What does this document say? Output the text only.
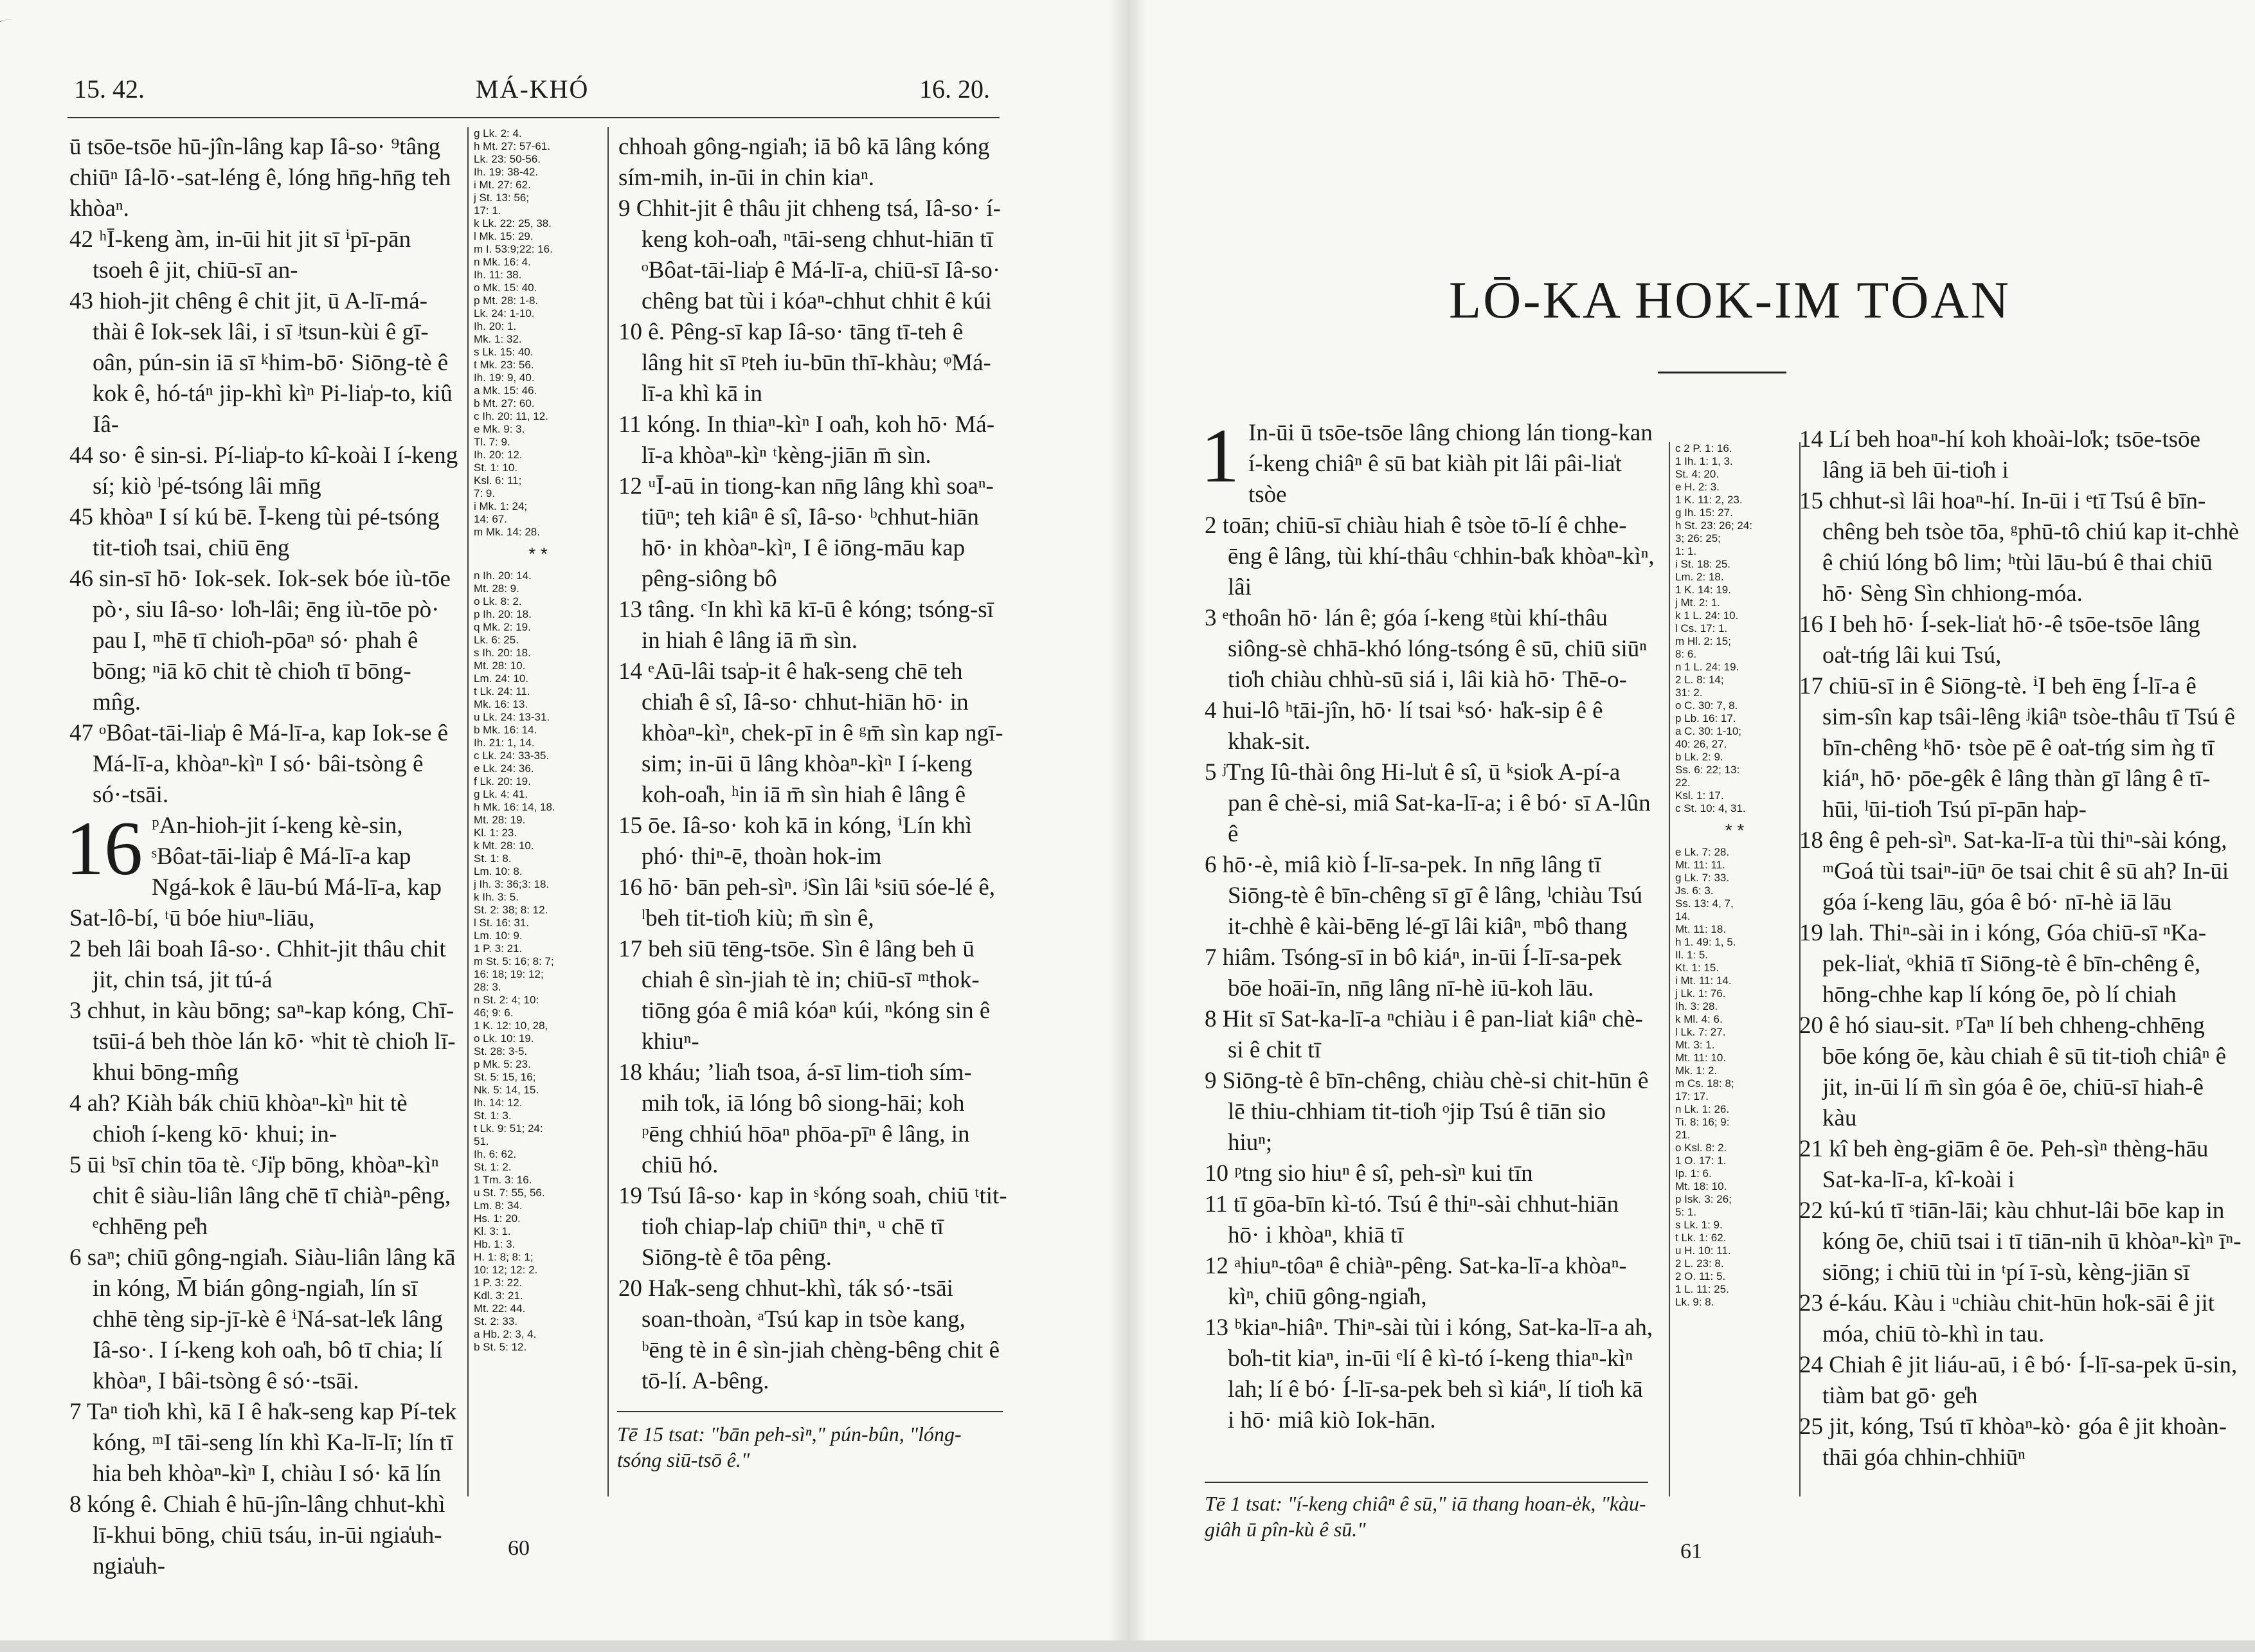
15. 42.	MÁ-KHÓ	16. 20.

ū tsōe-tsōe hū-jîn-lâng kap Iâ-so· ⁹tâng chiūⁿ Iâ-lō·-sat-léng ê, lóng hn̄g-hn̄g teh khòaⁿ.

42 ʰĪ-keng àm, in-ūi hit jit sī ⁱpī-pān tsoeh ê jit, chiū-sī an-

43 hioh-jit chêng ê chit jit, ū A-lī-má-thài ê Iok-sek lâi, i sī ʲtsun-kùi ê gī-oân, pún-sin iā sī ᵏhim-bō· Siōng-tè ê kok ê, hó-táⁿ jip-khì kìⁿ Pi-lia̍p-to, kiû Iâ-

44 so· ê sin-si. Pí-lia̍p-to kî-koài I í-keng sí; kiò ˡpé-tsóng lâi mn̄g

45 khòaⁿ I sí kú bē. Ī-keng tùi pé-tsóng tit-tio̍h tsai, chiū ēng

46 sin-sī hō· Iok-sek. Iok-sek bóe iù-tōe pò·, siu Iâ-so· lo̍h-lâi; ēng iù-tōe pò· pau I, ᵐhē tī chio̍h-pōaⁿ só· phah ê bōng; ⁿiā kō chit tè chio̍h tī bōng-mn̂g.

47 ᵒBôat-tāi-lia̍p ê Má-lī-a, kap Iok-se ê Má-lī-a, khòaⁿ-kìⁿ I só· bâi-tsòng ê só·-tsāi.

16 ᵖAn-hioh-jit í-keng kè-sin, ˢBôat-tāi-lia̍p ê Má-lī-a kap Ngá-kok ê lāu-bú Má-lī-a, kap Sat-lô-bí, ᵗū bóe hiuⁿ-liāu,

2 beh lâi boah Iâ-so·. Chhit-jit thâu chit jit, chin tsá, jit tú-á

3 chhut, in kàu bōng; saⁿ-kap kóng, Chī-tsūi-á beh thòe lán kō· ʷhit tè chio̍h lī-khui bōng-mn̂g

4 ah? Kiàh bák chiū khòaⁿ-kìⁿ hit tè chio̍h í-keng kō· khui; in-

5 ūi ᵇsī chin tōa tè. ᶜJi̍p bōng, khòaⁿ-kìⁿ chit ê siàu-liân lâng chē tī chiàⁿ-pêng, ᵉchhēng pe̍h

6 saⁿ; chiū gông-ngia̍h. Siàu-liân lâng kā in kóng, M̄ bián gông-ngia̍h, lín sī chhē tèng sip-jī-kè ê ⁱNá-sat-le̍k lâng Iâ-so·. I í-keng koh oa̍h, bô tī chia; lí khòaⁿ, I bâi-tsòng ê só·-tsāi.

7 Taⁿ tio̍h khì, kā I ê ha̍k-seng kap Pí-tek kóng, ᵐI tāi-seng lín khì Ka-lī-lī; lín tī hia beh khòaⁿ-kìⁿ I, chiàu I só· kā lín

8 kóng ê. Chiah ê hū-jîn-lâng chhut-khì lī-khui bōng, chiū tsáu, in-ūi ngia̍uh-ngia̍uh-

g Lk. 2: 4.
h Mt. 27: 57-61.
Lk. 23: 50-56.
Ih. 19: 38-42.
i Mt. 27: 62.
j St. 13: 56;
17: 1.
k Lk. 22: 25, 38.
l Mk. 15: 29.
m I. 53:9;22: 16.
n Mk. 16: 4.
Ih. 11: 38.
o Mk. 15: 40.
p Mt. 28: 1-8.
Lk. 24: 1-10.
Ih. 20: 1.
Mk. 1: 32.
s Lk. 15: 40.
t Mk. 23: 56.
Ih. 19: 9, 40.
a Mk. 15: 46.
b Mt. 27: 60.
c Ih. 20: 11, 12.
e Mk. 9: 3.
Tl. 7: 9.
Ih. 20: 12.
St. 1: 10.
Ksl. 6: 11;
7: 9.
i Mk. 1: 24;
14: 67.
m Mk. 14: 28.
* *
n Ih. 20: 14.
Mt. 28: 9.
o Lk. 8: 2.
p Ih. 20: 18.
q Mk. 2: 19.
Lk. 6: 25.
s Ih. 20: 18.
Mt. 28: 10.
Lm. 24: 10.
t Lk. 24: 11.
Mk. 16: 13.
u Lk. 24: 13-31.
b Mk. 16: 14.
Ih. 21: 1, 14.
c Lk. 24: 33-35.
e Lk. 24: 36.
f Lk. 20: 19.
g Lk. 4: 41.
h Mk. 16: 14, 18.
Mt. 28: 19.
Kl. 1: 23.
k Mt. 28: 10.
St. 1: 8.
Lm. 10: 8.
j Ih. 3: 36;3: 18.
k Ih. 3: 5.
St. 2: 38; 8: 12.
l St. 16: 31.
Lm. 10: 9.
1 P. 3: 21.
m St. 5: 16; 8: 7;
16: 18; 19: 12;
28: 3.
n St. 2: 4; 10:
46; 9: 6.
1 K. 12: 10, 28,
o Lk. 10: 19.
St. 28: 3-5.
p Mk. 5: 23.
St. 5: 15, 16;
Nk. 5: 14, 15.
Ih. 14: 12.
St. 1: 3.
t Lk. 9: 51; 24:
51.
Ih. 6: 62.
St. 1: 2.
1 Tm. 3: 16.
u St. 7: 55, 56.
Lm. 8: 34.
Hs. 1: 20.
Kl. 3: 1.
Hb. 1: 3.
H. 1: 8; 8: 1;
10: 12; 12: 2.
1 P. 3: 22.
Kdl. 3: 21.
Mt. 22: 44.
St. 2: 33.
a Hb. 2: 3, 4.
b St. 5: 12.

chhoah gông-ngia̍h; iā bô kā lâng kóng sím-mih, in-ūi in chin kiaⁿ.

9 Chhit-jit ê thâu jit chheng tsá, Iâ-so· í-keng koh-oa̍h, ⁿtāi-seng chhut-hiān tī ᵒBôat-tāi-lia̍p ê Má-lī-a, chiū-sī Iâ-so· chêng bat tùi i kóaⁿ-chhut chhit ê kúi

10 ê. Pêng-sī kap Iâ-so· tāng tī-teh ê lâng hit sī ᵖteh iu-būn thī-khàu; ᵠMá-lī-a khì kā in

11 kóng. In thiaⁿ-kìⁿ I oa̍h, koh hō· Má-lī-a khòaⁿ-kìⁿ ᵗkèng-jiān m̄ sìn.

12 ᵘĪ-aū in tiong-kan nn̄g lâng khì soaⁿ-tiūⁿ; teh kiâⁿ ê sî, Iâ-so· ᵇchhut-hiān hō· in khòaⁿ-kìⁿ, I ê iōng-māu kap pêng-siông bô

13 tâng. ᶜIn khì kā kī-ū ê kóng; tsóng-sī in hiah ê lâng iā m̄ sìn.

14 ᵉAū-lâi tsa̍p-it ê ha̍k-seng chē teh chia̍h ê sî, Iâ-so· chhut-hiān hō· in khòaⁿ-kìⁿ, chek-pī in ê ᵍm̄ sìn kap ngī-sim; in-ūi ū lâng khòaⁿ-kìⁿ I í-keng koh-oa̍h, ʰin iā m̄ sìn hiah ê lâng ê

15 ōe. Iâ-so· koh kā in kóng, ⁱLín khì phó· thiⁿ-ē, thoàn hok-im

16 hō· bān peh-sìⁿ. ʲSìn lâi ᵏsiū sóe-lé ê, ˡbeh tit-tio̍h kiù; m̄ sìn ê,

17 beh siū tēng-tsōe. Sìn ê lâng beh ū chiah ê sìn-jiah tè in; chiū-sī ᵐthok-tiōng góa ê miâ kóaⁿ kúi, ⁿkóng sin ê khiuⁿ-

18 kháu; ʼlia̍h tsoa, á-sī lim-tio̍h sím-mih to̍k, iā lóng bô siong-hāi; koh ᵖēng chhiú hōaⁿ phōa-pīⁿ ê lâng, in chiū hó.

19 Tsú Iâ-so· kap in ˢkóng soah, chiū ᵗtit-tio̍h chiap-la̍p chiūⁿ thiⁿ, ᵘ chē tī Siōng-tè ê tōa pêng.

20 Ha̍k-seng chhut-khì, ták só·-tsāi soan-thoàn, ᵃTsú kap in tsòe kang, ᵇēng tè in ê sìn-jiah chèng-bêng chit ê tō-lí. A-bêng.

Tē 15 tsat: "bān peh-sìⁿ," pún-bûn, "lóng-tsóng siū-tsō ê."
60
LŌ-KA HOK-IM TŌAN
1 In-ūi ū tsōe-tsōe lâng chiong lán tiong-kan í-keng chiâⁿ ê sū bat kiàh pit lâi pâi-lia̍t tsòe

2 toān; chiū-sī chiàu hiah ê tsòe tō-lí ê chhe-ēng ê lâng, tùi khí-thâu ᶜchhin-ba̍k khòaⁿ-kìⁿ, lâi

3 ᵉthoân hō· lán ê; góa í-keng ᵍtùi khí-thâu siông-sè chhā-khó lóng-tsóng ê sū, chiū siūⁿ tio̍h chiàu chhù-sū siá i, lâi kià hō· Thē-o-

4 hui-lô ʰtāi-jîn, hō· lí tsai ᵏsó· ha̍k-sip ê ê khak-sit.

5 ʲTng Iû-thài ông Hi-lu̍t ê sî, ū ᵏsio̍k A-pí-a pan ê chè-si, miâ Sat-ka-lī-a; i ê bó· sī A-lûn ê

6 hō·-è, miâ kiò Í-lī-sa-pek. In nn̄g lâng tī Siōng-tè ê bīn-chêng sī gī ê lâng, ˡchiàu Tsú it-chhè ê kài-bēng lé-gī lâi kiâⁿ, ᵐbô thang

7 hiâm. Tsóng-sī in bô kiáⁿ, in-ūi Í-lī-sa-pek bōe hoāi-īn, nn̄g lâng nī-hè iū-koh lāu.

8 Hit sī Sat-ka-lī-a ⁿchiàu i ê pan-lia̍t kiâⁿ chè-si ê chit tī

9 Siōng-tè ê bīn-chêng, chiàu chè-si chit-hūn ê lē thiu-chhiam tit-tio̍h ᵒjip Tsú ê tiān sio hiuⁿ;

10 ᵖtng sio hiuⁿ ê sî, peh-sìⁿ kui tīn

11 tī gōa-bīn kì-tó. Tsú ê thiⁿ-sài chhut-hiān hō· i khòaⁿ, khiā tī

12 ᵃhiuⁿ-tôaⁿ ê chiàⁿ-pêng. Sat-ka-lī-a khòaⁿ-kìⁿ, chiū gông-ngia̍h,

13 ᵇkiaⁿ-hiâⁿ. Thiⁿ-sài tùi i kóng, Sat-ka-lī-a ah, bo̍h-tit kiaⁿ, in-ūi ᵉlí ê kì-tó í-keng thiaⁿ-kìⁿ lah; lí ê bó· Í-lī-sa-pek beh sì kiáⁿ, lí tio̍h kā i hō· miâ kiò Iok-hān.

c 2 P. 1: 16.
1 Ih. 1: 1, 3.
St. 4: 20.
e H. 2: 3.
1 K. 11: 2, 23.
g Ih. 15: 27.
h St. 23: 26; 24:
3; 26: 25;
1: 1.
i St. 18: 25.
Lm. 2: 18.
1 K. 14: 19.
j Mt. 2: 1.
k 1 L. 24: 10.
l Cs. 17: 1.
m Hl. 2: 15;
8: 6.
n 1 L. 24: 19.
2 L. 8: 14;
31: 2.
o C. 30: 7, 8.
p Lb. 16: 17.
a C. 30: 1-10;
40: 26, 27.
b Lk. 2: 9.
Ss. 6: 22; 13:
22.
Ksl. 1: 17.
c St. 10: 4, 31.
* *
e Lk. 7: 28.
Mt. 11: 11.
g Lk. 7: 33.
Js. 6: 3.
Ss. 13: 4, 7,
14.
Mt. 11: 18.
h 1. 49: 1, 5.
Il. 1: 5.
Kt. 1: 15.
i Mt. 11: 14.
j Lk. 1: 76.
Ih. 3: 28.
k Ml. 4: 6.
l Lk. 7: 27.
Mt. 3: 1.
Mt. 11: 10.
Mk. 1: 2.
m Cs. 18: 8;
17: 17.
n Lk. 1: 26.
Ti. 8: 16; 9:
21.
o Ksl. 8: 2.
1 O. 17: 1.
Ip. 1: 6.
Mt. 18: 10.
p Isk. 3: 26;
5: 1.
s Lk. 1: 9.
t Lk. 1: 62.
u H. 10: 11.
2 L. 23: 8.
2 O. 11: 5.
1 L. 11: 25.
Lk. 9: 8.

14 Lí beh hoaⁿ-hí koh khoài-lo̍k; tsōe-tsōe lâng iā beh ūi-tio̍h i

15 chhut-sì lâi hoaⁿ-hí. In-ūi i ᵉtī Tsú ê bīn-chêng beh tsòe tōa, ᵍphū-tô chiú kap it-chhè ê chiú lóng bô lim; ʰtùi lāu-bú ê thai chiū hō· Sèng Sìn chhiong-móa.

16 I beh hō· Í-sek-lia̍t hō·-ê tsōe-tsōe lâng oa̍t-tńg lâi kui Tsú,

17 chiū-sī in ê Siōng-tè. ⁱI beh ēng Í-lī-a ê sim-sîn kap tsâi-lêng ʲkiâⁿ tsòe-thâu tī Tsú ê bīn-chêng ᵏhō· tsòe pē ê oa̍t-tńg sim ǹg tī kiáⁿ, hō· pōe-gêk ê lâng thàn gī lâng ê tī-hūi, ˡūi-tio̍h Tsú pī-pān ha̍p-

18 êng ê peh-sìⁿ. Sat-ka-lī-a tùi thiⁿ-sài kóng, ᵐGoá tùi tsaiⁿ-iūⁿ ōe tsai chit ê sū ah? In-ūi góa í-keng lāu, góa ê bó· nī-hè iā lāu

19 lah. Thiⁿ-sài in i kóng, Góa chiū-sī ⁿKa-pek-lia̍t, ᵒkhiā tī Siōng-tè ê bīn-chêng ê, hōng-chhe kap lí kóng ōe, pò lí chiah

20 ê hó siau-sit. ᵖTaⁿ lí beh chheng-chhēng bōe kóng ōe, kàu chiah ê sū tit-tio̍h chiâⁿ ê jit, in-ūi lí m̄ sìn góa ê ōe, chiū-sī hiah-ê kàu

21 kî beh èng-giām ê ōe. Peh-sìⁿ thèng-hāu Sat-ka-lī-a, kî-koài i

22 kú-kú tī ˢtiān-lāi; kàu chhut-lâi bōe kap in kóng ōe, chiū tsai i tī tiān-nih ū khòaⁿ-kìⁿ īⁿ-siōng; i chiū tùi in ᵗpí ī-sù, kèng-jiān sī

23 é-káu. Kàu i ᵘchiàu chit-hūn ho̍k-sāi ê jit móa, chiū tò-khì in tau.

24 Chiah ê jit liáu-aū, i ê bó· Í-lī-sa-pek ū-sin, tiàm bat gō· ge̍h

25 jit, kóng, Tsú tī khòaⁿ-kò· góa ê jit khoàn-thāi góa chhin-chhiūⁿ

Tē 1 tsat: "í-keng chiâⁿ ê sū," iā thang hoan-e̍k, "kàu-giâh ū pîn-kù ê sū."
61
